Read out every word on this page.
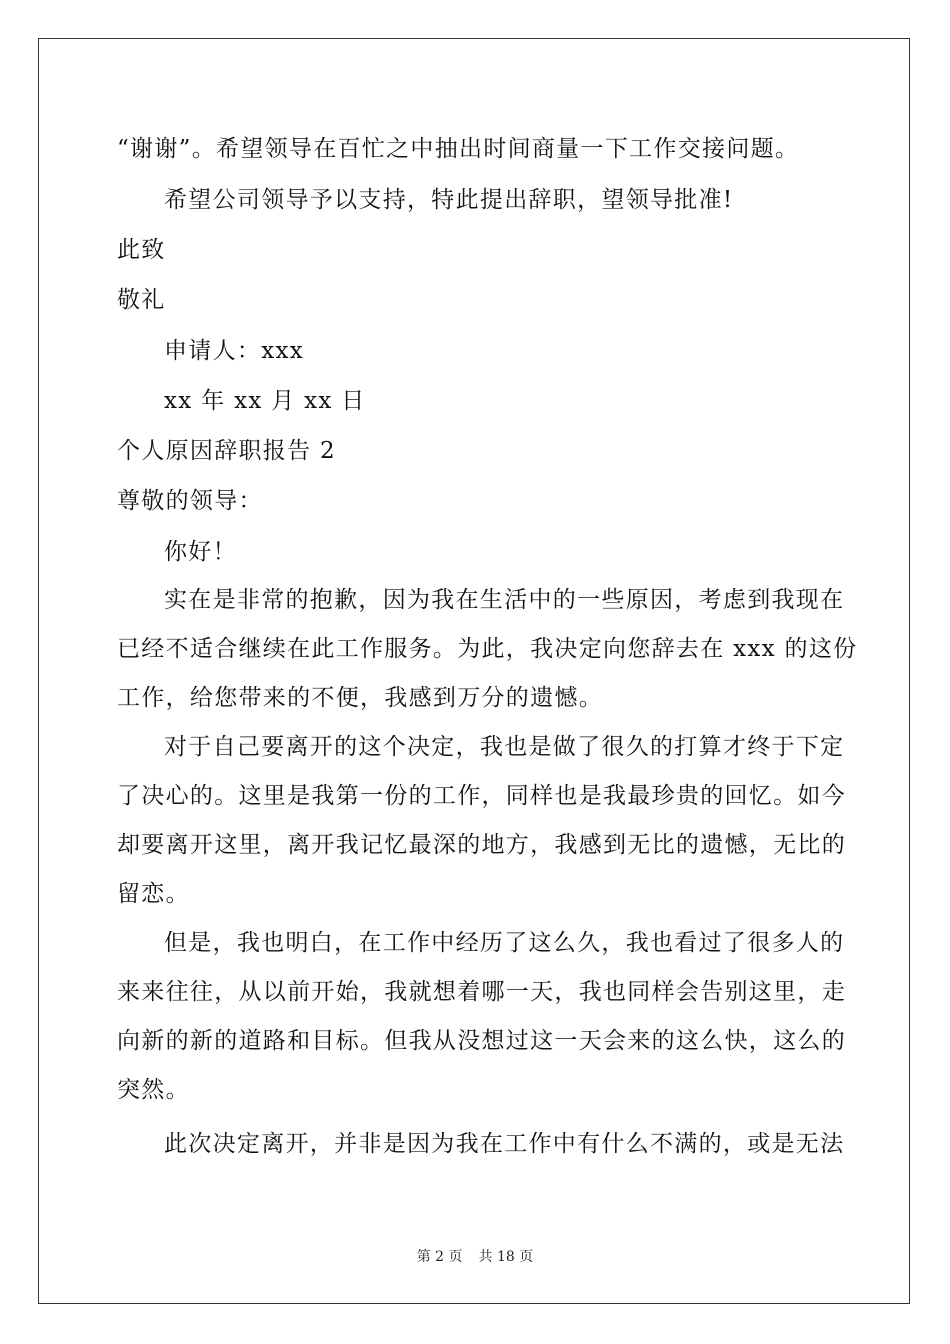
“谢谢”。希望领导在百忙之中抽出时间商量一下工作交接问题。
希望公司领导予以支持，特此提出辞职，望领导批准!
此致
敬礼
申请人：xxx
xx 年 xx 月 xx 日
个人原因辞职报告 2
尊敬的领导：
你好！
实在是非常的抱歉，因为我在生活中的一些原因，考虑到我现在
已经不适合继续在此工作服务。为此，我决定向您辞去在 xxx 的这份
工作，给您带来的不便，我感到万分的遗憾。
对于自己要离开的这个决定，我也是做了很久的打算才终于下定
了决心的。这里是我第一份的工作，同样也是我最珍贵的回忆。如今
却要离开这里，离开我记忆最深的地方，我感到无比的遗憾，无比的
留恋。
但是，我也明白，在工作中经历了这么久，我也看过了很多人的
来来往往，从以前开始，我就想着哪一天，我也同样会告别这里，走
向新的新的道路和目标。但我从没想过这一天会来的这么快，这么的
突然。
此次决定离开，并非是因为我在工作中有什么不满的，或是无法
第 2 页 共 18 页
